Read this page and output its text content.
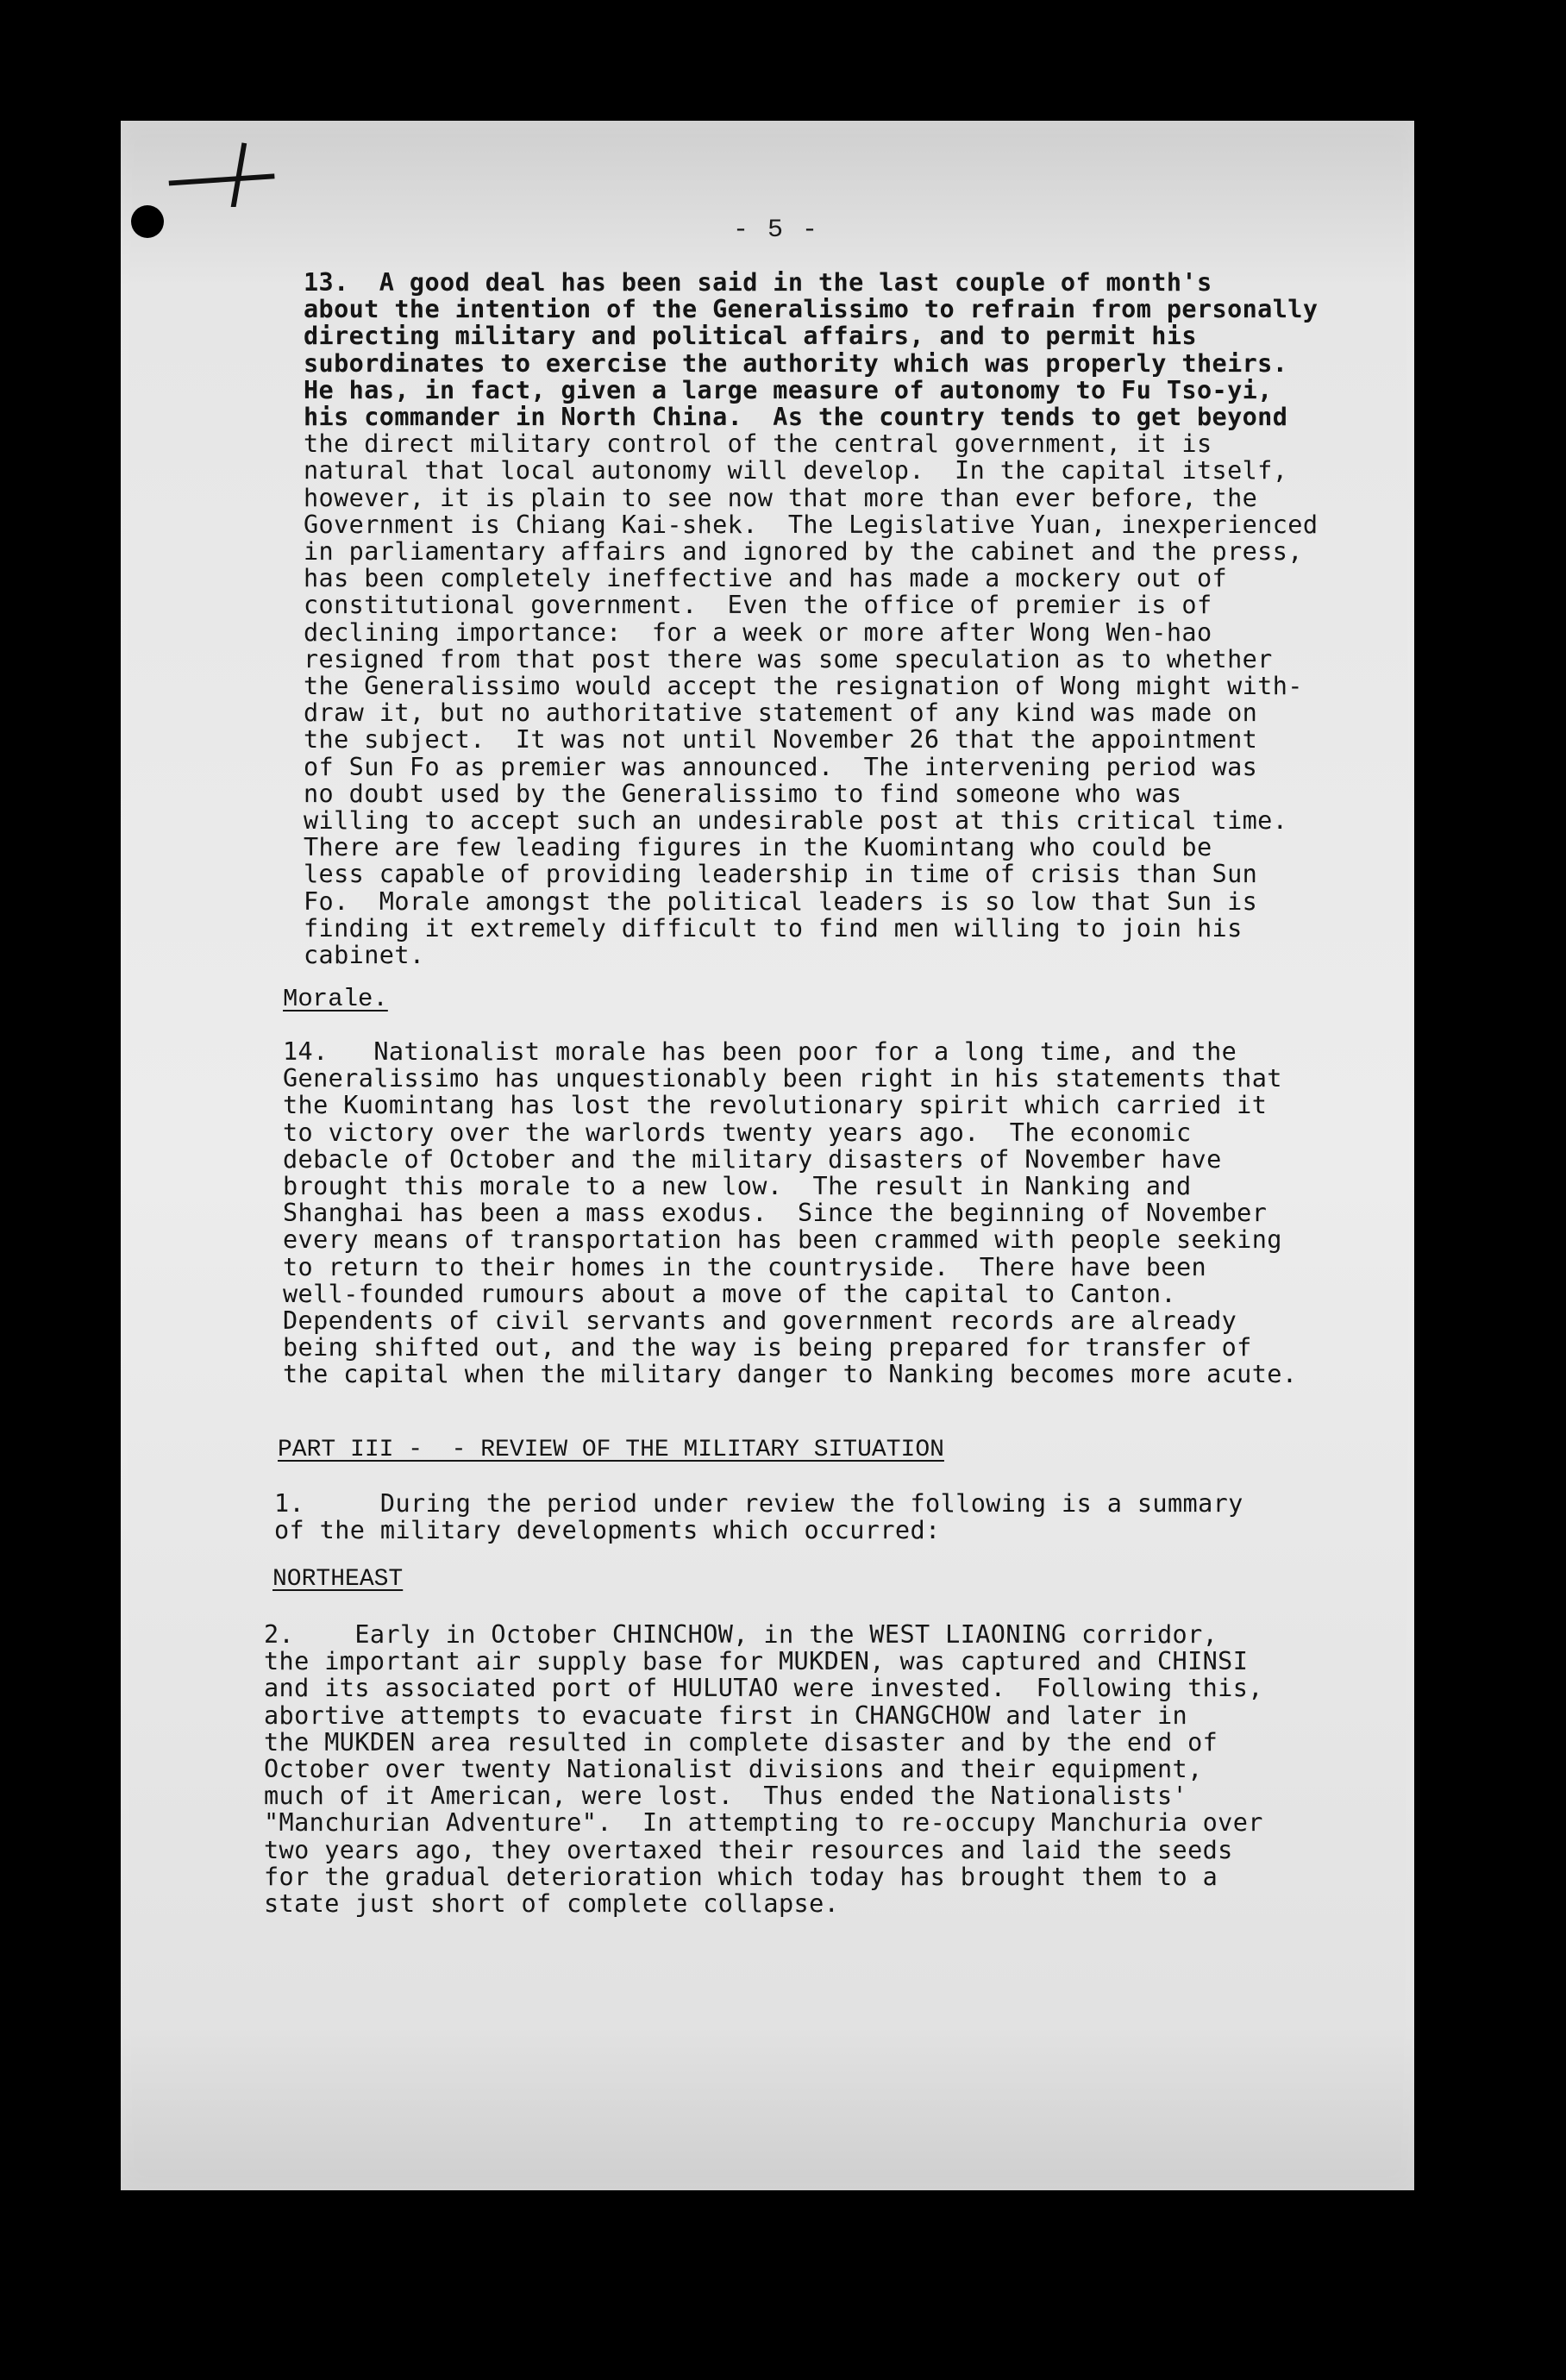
- 5 -
13.  A good deal has been said in the last couple of month's
about the intention of the Generalissimo to refrain from personally
directing military and political affairs, and to permit his
subordinates to exercise the authority which was properly theirs.
He has, in fact, given a large measure of autonomy to Fu Tso-yi,
his commander in North China.  As the country tends to get beyond
the direct military control of the central government, it is
natural that local autonomy will develop.  In the capital itself,
however, it is plain to see now that more than ever before, the
Government is Chiang Kai-shek.  The Legislative Yuan, inexperienced
in parliamentary affairs and ignored by the cabinet and the press,
has been completely ineffective and has made a mockery out of
constitutional government.  Even the office of premier is of
declining importance:  for a week or more after Wong Wen-hao
resigned from that post there was some speculation as to whether
the Generalissimo would accept the resignation of Wong might with-
draw it, but no authoritative statement of any kind was made on
the subject.  It was not until November 26 that the appointment
of Sun Fo as premier was announced.  The intervening period was
no doubt used by the Generalissimo to find someone who was
willing to accept such an undesirable post at this critical time.
There are few leading figures in the Kuomintang who could be
less capable of providing leadership in time of crisis than Sun
Fo.  Morale amongst the political leaders is so low that Sun is
finding it extremely difficult to find men willing to join his
cabinet.
Morale.
14.   Nationalist morale has been poor for a long time, and the
Generalissimo has unquestionably been right in his statements that
the Kuomintang has lost the revolutionary spirit which carried it
to victory over the warlords twenty years ago.  The economic
debacle of October and the military disasters of November have
brought this morale to a new low.  The result in Nanking and
Shanghai has been a mass exodus.  Since the beginning of November
every means of transportation has been crammed with people seeking
to return to their homes in the countryside.  There have been
well-founded rumours about a move of the capital to Canton.
Dependents of civil servants and government records are already
being shifted out, and the way is being prepared for transfer of
the capital when the military danger to Nanking becomes more acute.
PART III -  - REVIEW OF THE MILITARY SITUATION
1.     During the period under review the following is a summary
of the military developments which occurred:
NORTHEAST
2.    Early in October CHINCHOW, in the WEST LIAONING corridor,
the important air supply base for MUKDEN, was captured and CHINSI
and its associated port of HULUTAO were invested.  Following this,
abortive attempts to evacuate first in CHANGCHOW and later in
the MUKDEN area resulted in complete disaster and by the end of
October over twenty Nationalist divisions and their equipment,
much of it American, were lost.  Thus ended the Nationalists'
"Manchurian Adventure".  In attempting to re-occupy Manchuria over
two years ago, they overtaxed their resources and laid the seeds
for the gradual deterioration which today has brought them to a
state just short of complete collapse.
